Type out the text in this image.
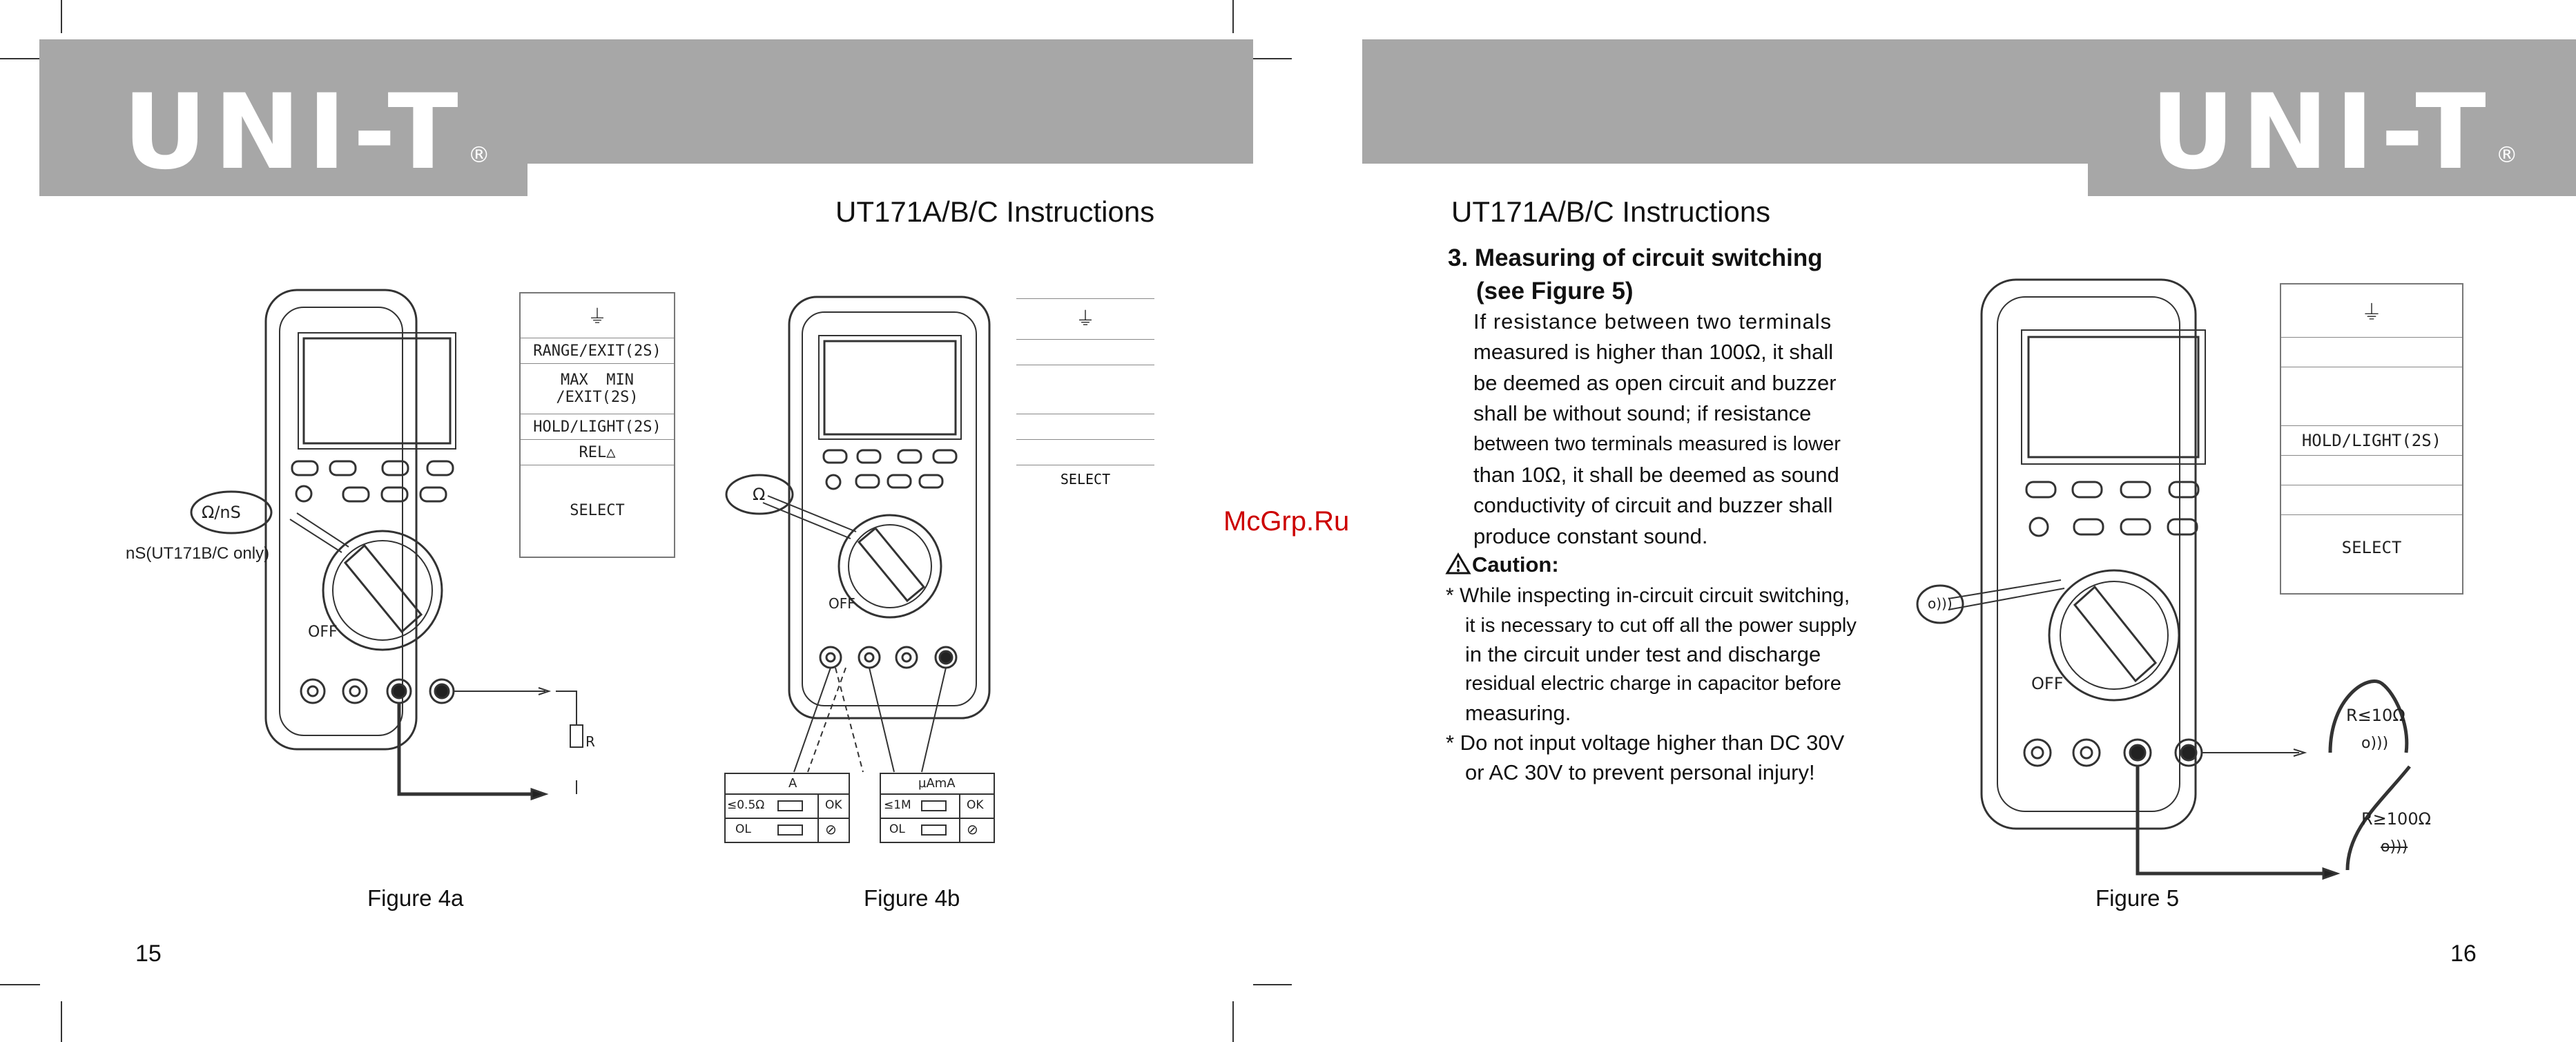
UNI-T ®
UT171A/B/C Instructions
Ω/nS
nS(UT171B/C only)
OFF
R
⏚
RANGE/EXIT(2S)
MAX  MIN
/EXIT(2S)
HOLD/LIGHT(2S)
REL△
SELECT
Figure 4a
Ω
OFF
A
≤0.5Ω	OK
OL	⊘
µAmA
≤1M	OK
OL	⊘
⏚
SELECT
Figure 4b
15
McGrp.Ru
UNI-T ®
UT171A/B/C Instructions
3. Measuring of circuit switching
(see Figure 5)
If resistance between two terminals
measured is higher than 100Ω, it shall
be deemed as open circuit and buzzer
shall be without sound; if resistance
between two terminals measured is lower
than 10Ω, it shall be deemed as sound
conductivity of circuit and buzzer shall
produce constant sound.
Caution:
* While inspecting in-circuit circuit switching,
it is necessary to cut off all the power supply
in the circuit under test and discharge
residual electric charge in capacitor before
measuring.
* Do not input voltage higher than DC 30V
or AC 30V to prevent personal injury!
o)))
OFF
R≤10Ω
o)))
R≥100Ω
o)))
⏚
HOLD/LIGHT(2S)
SELECT
Figure 5
16
